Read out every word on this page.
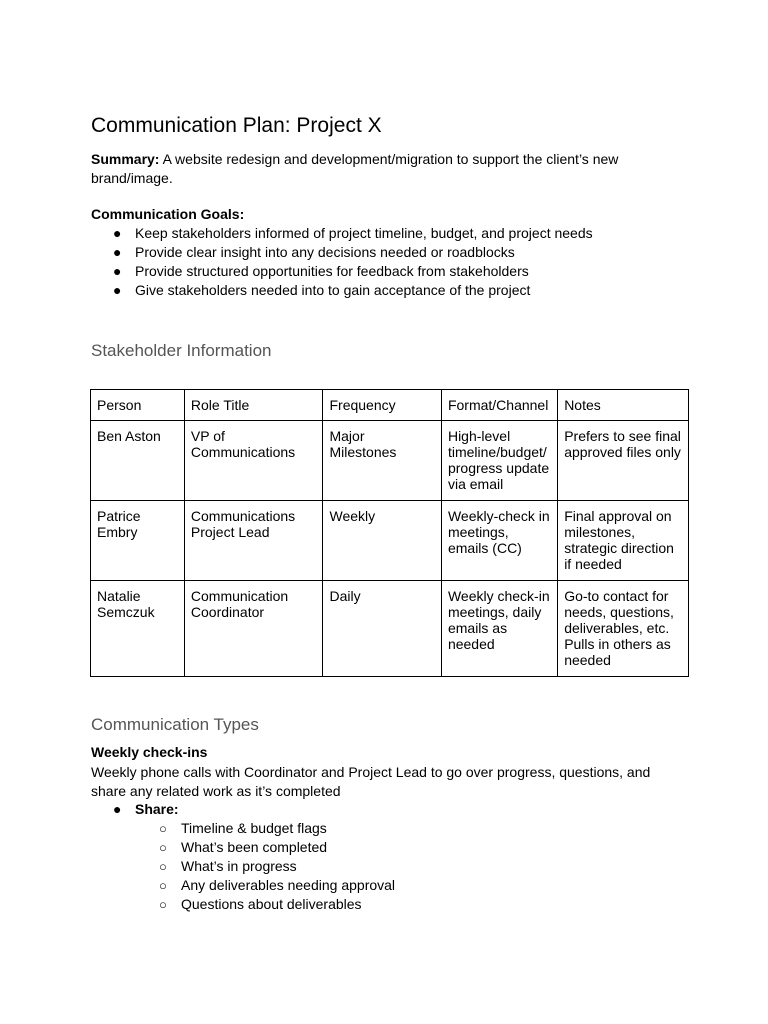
Communication Plan: Project X

Summary: A website redesign and development/migration to support the client’s new brand/image.

Communication Goals:

● Keep stakeholders informed of project timeline, budget, and project needs
● Provide clear insight into any decisions needed or roadblocks
● Provide structured opportunities for feedback from stakeholders
● Give stakeholders needed into to gain acceptance of the project
Stakeholder Information
Person	Role Title	Frequency	Format/Channel	Notes
Ben Aston	VP of Communications	Major Milestones	High-level timeline/budget/ progress update via email	Prefers to see final approved files only
Patrice Embry	Communications Project Lead	Weekly	Weekly-check in meetings, emails (CC)	Final approval on milestones, strategic direction if needed
Natalie Semczuk	Communication Coordinator	Daily	Weekly check-in meetings, daily emails as needed	Go-to contact for needs, questions, deliverables, etc. Pulls in others as needed
Communication Types

Weekly check-ins

Weekly phone calls with Coordinator and Project Lead to go over progress, questions, and share any related work as it’s completed

● Share:
○ Timeline & budget flags
○ What’s been completed
○ What’s in progress
○ Any deliverables needing approval
○ Questions about deliverables
